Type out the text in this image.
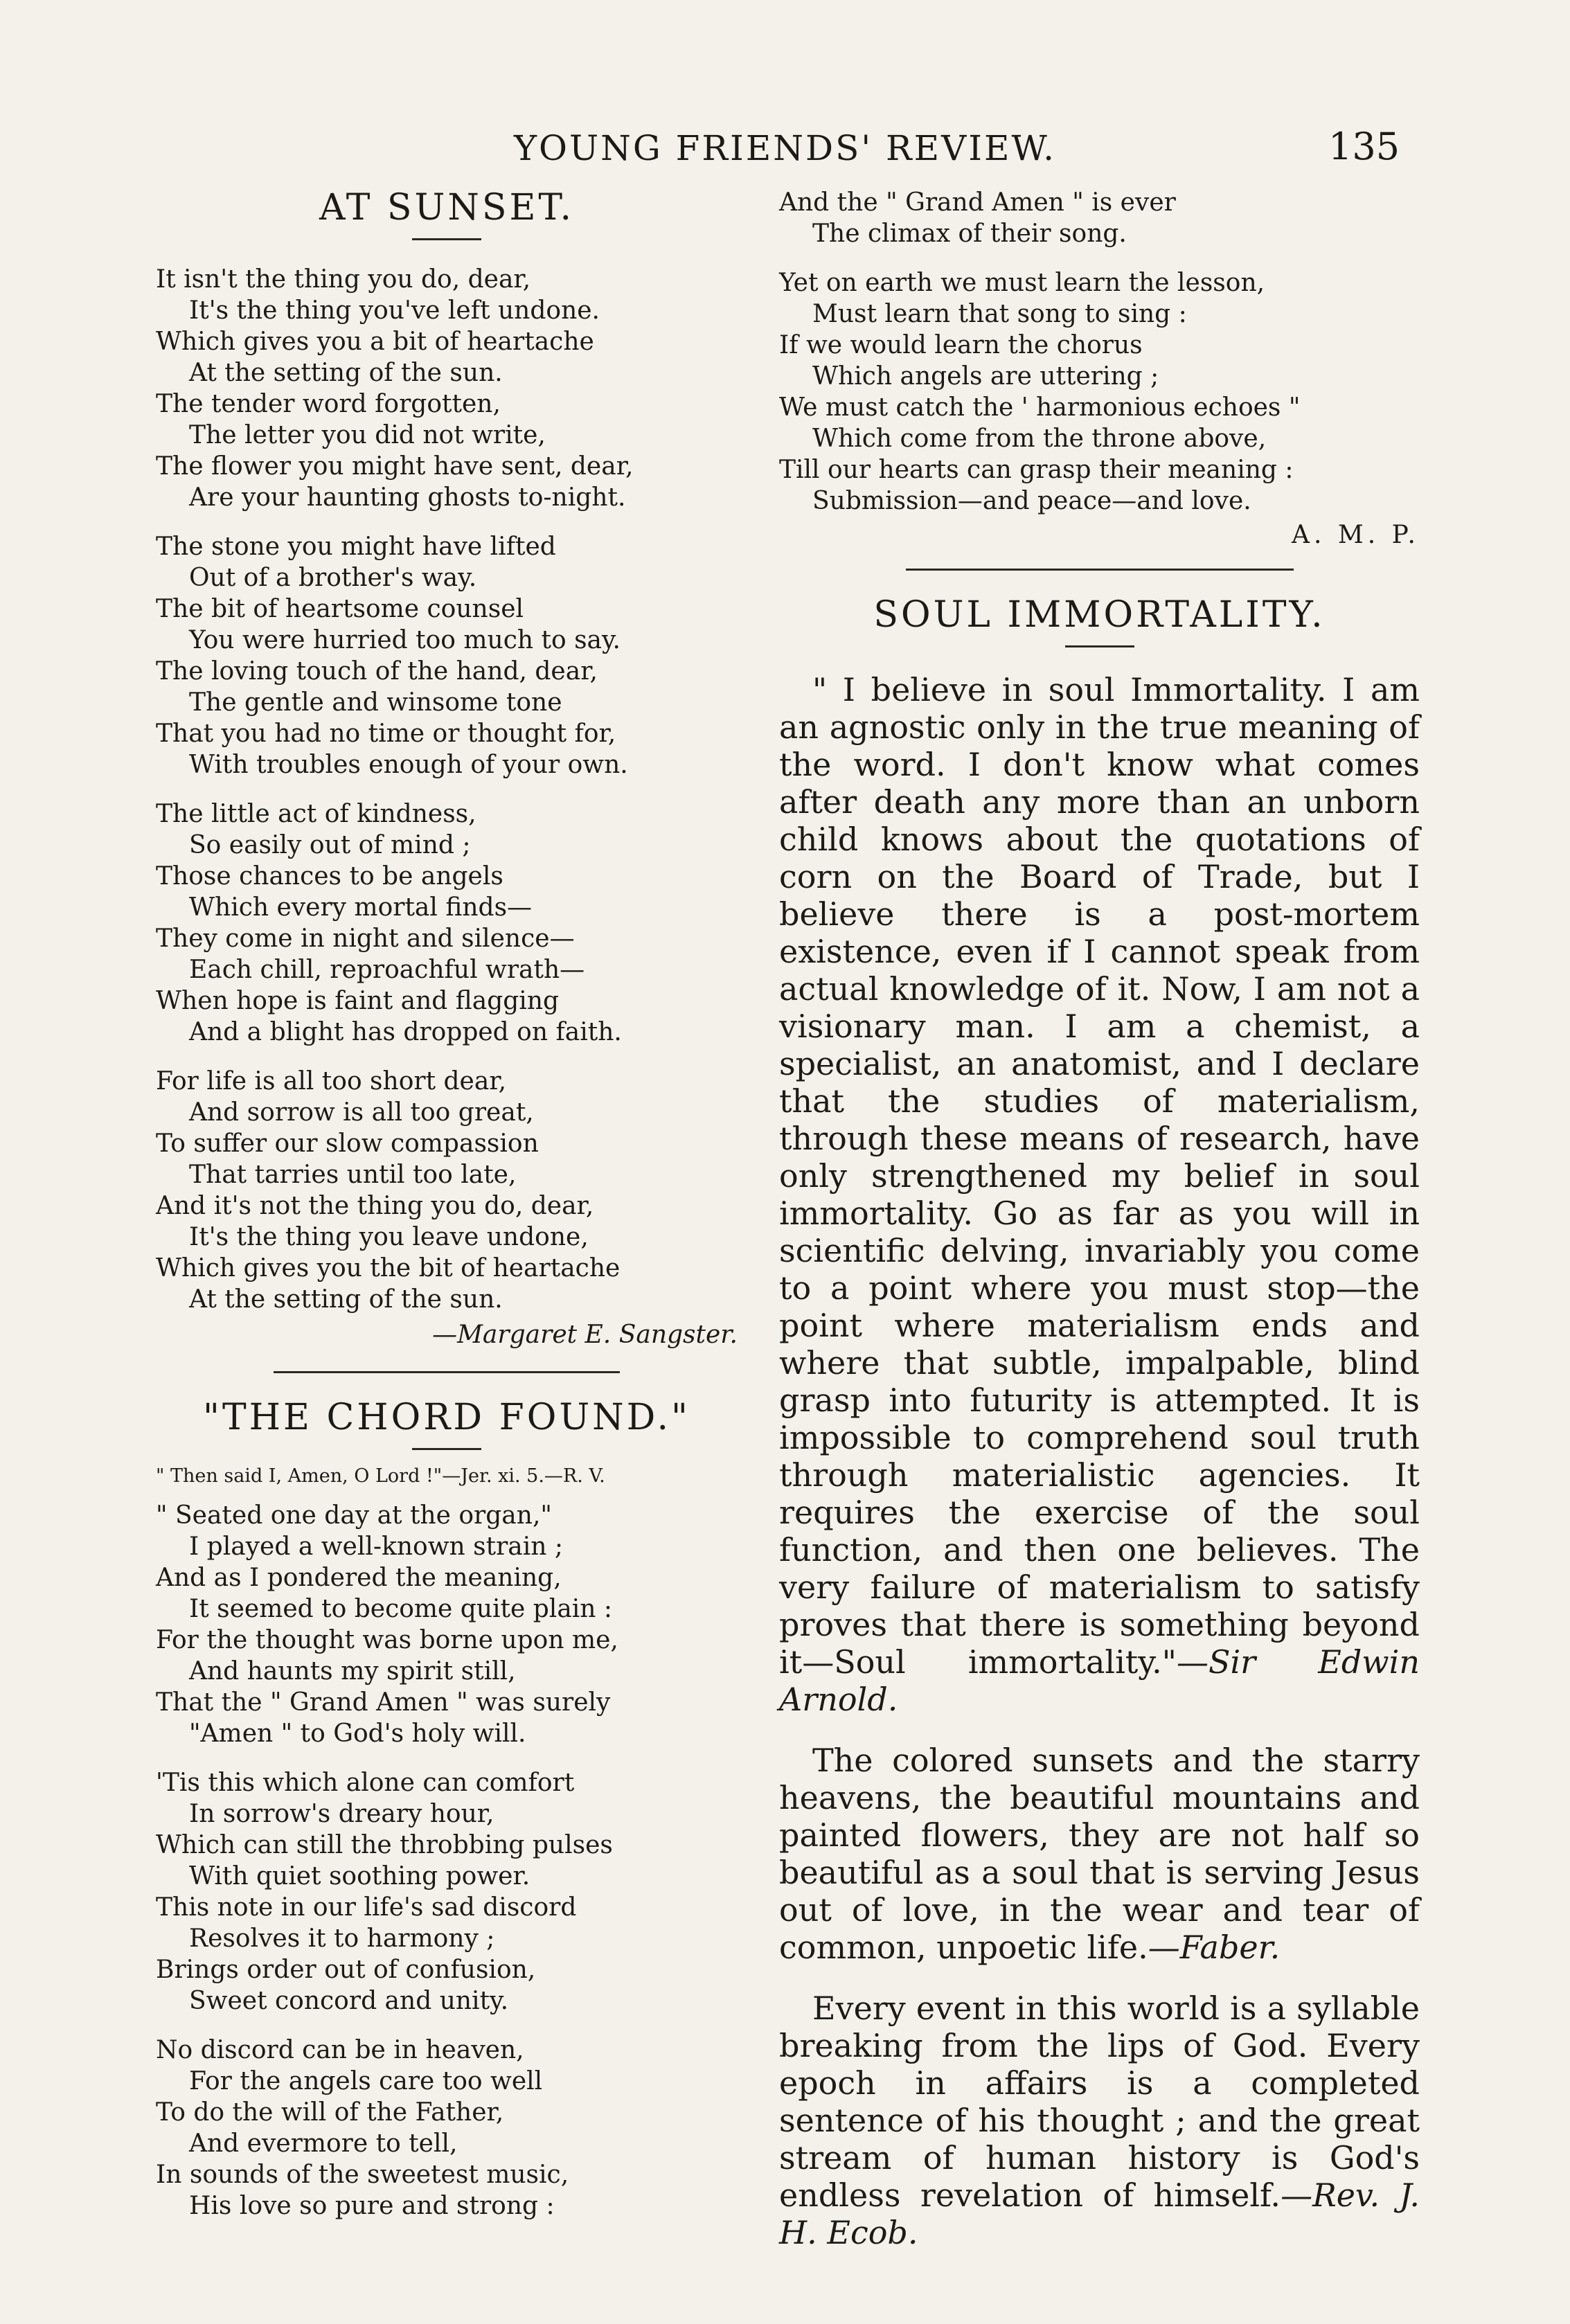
YOUNG FRIENDS' REVIEW.	135
AT SUNSET.
It isn't the thing you do, dear,
It's the thing you've left undone.
Which gives you a bit of heartache
At the setting of the sun.
The tender word forgotten,
The letter you did not write,
The flower you might have sent, dear,
Are your haunting ghosts to-night.
The stone you might have lifted
Out of a brother's way.
The bit of heartsome counsel
You were hurried too much to say.
The loving touch of the hand, dear,
The gentle and winsome tone
That you had no time or thought for,
With troubles enough of your own.
The little act of kindness,
So easily out of mind ;
Those chances to be angels
Which every mortal finds—
They come in night and silence—
Each chill, reproachful wrath—
When hope is faint and flagging
And a blight has dropped on faith.
For life is all too short dear,
And sorrow is all too great,
To suffer our slow compassion
That tarries until too late,
And it's not the thing you do, dear,
It's the thing you leave undone,
Which gives you the bit of heartache
At the setting of the sun.
—Margaret E. Sangster.
"THE CHORD FOUND."
" Then said I, Amen, O Lord !"—Jer. xi. 5.—R. V.
" Seated one day at the organ,"
I played a well-known strain ;
And as I pondered the meaning,
It seemed to become quite plain :
For the thought was borne upon me,
And haunts my spirit still,
That the " Grand Amen " was surely
"Amen " to God's holy will.
'Tis this which alone can comfort
In sorrow's dreary hour,
Which can still the throbbing pulses
With quiet soothing power.
This note in our life's sad discord
Resolves it to harmony ;
Brings order out of confusion,
Sweet concord and unity.
No discord can be in heaven,
For the angels care too well
To do the will of the Father,
And evermore to tell,
In sounds of the sweetest music,
His love so pure and strong :
And the " Grand Amen " is ever
The climax of their song.
Yet on earth we must learn the lesson,
Must learn that song to sing :
If we would learn the chorus
Which angels are uttering ;
We must catch the ' harmonious echoes "
Which come from the throne above,
Till our hearts can grasp their meaning :
Submission—and peace—and love.
A. M. P.
SOUL IMMORTALITY.

" I believe in soul Immortality. I am an agnostic only in the true meaning of the word. I don't know what comes after death any more than an unborn child knows about the quotations of corn on the Board of Trade, but I believe there is a post-mortem existence, even if I cannot speak from actual knowledge of it. Now, I am not a visionary man. I am a chemist, a specialist, an anatomist, and I declare that the studies of materialism, through these means of research, have only strengthened my belief in soul immortality. Go as far as you will in scientific delving, invariably you come to a point where you must stop—the point where materialism ends and where that subtle, impalpable, blind grasp into futurity is attempted. It is impossible to comprehend soul truth through materialistic agencies. It requires the exercise of the soul function, and then one believes. The very failure of materialism to satisfy proves that there is something beyond it—Soul immortality."—Sir Edwin Arnold.

The colored sunsets and the starry heavens, the beautiful mountains and painted flowers, they are not half so beautiful as a soul that is serving Jesus out of love, in the wear and tear of common, unpoetic life.—Faber.

Every event in this world is a syllable breaking from the lips of God. Every epoch in affairs is a completed sentence of his thought ; and the great stream of human history is God's endless revelation of himself.—Rev. J. H. Ecob.
